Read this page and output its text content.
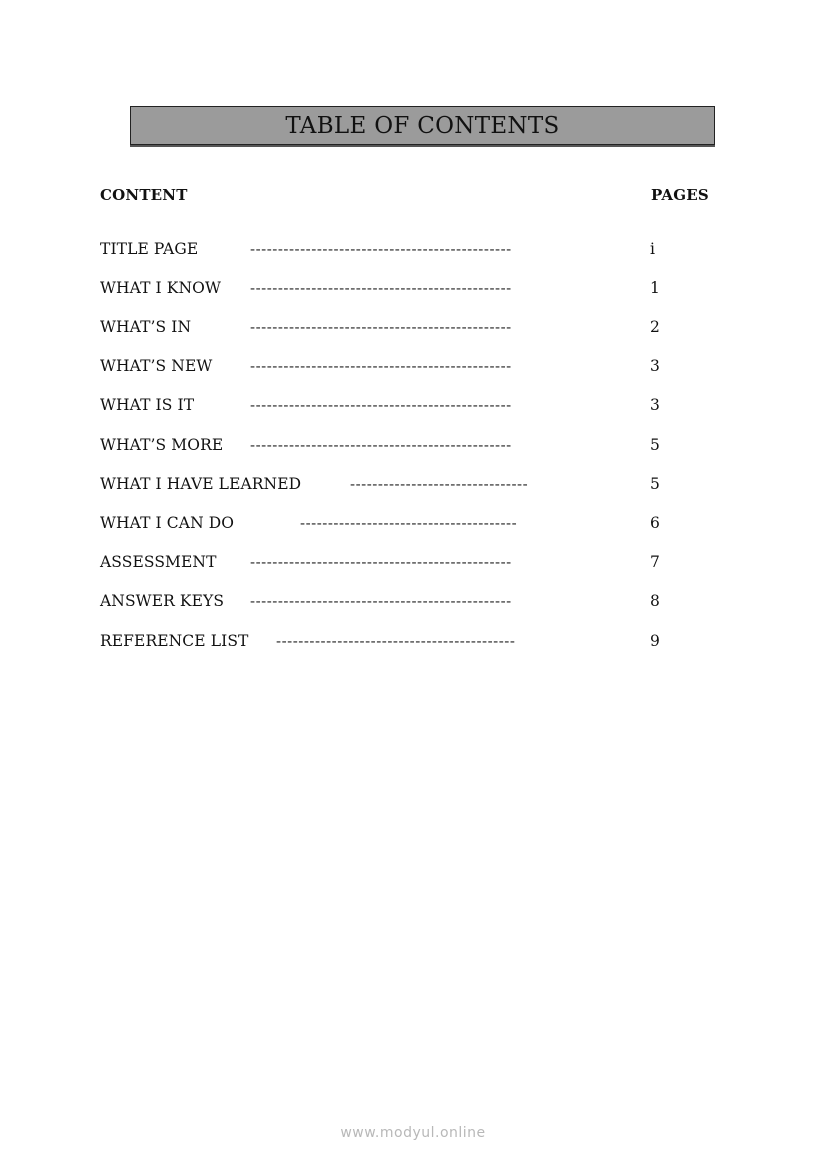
TABLE OF CONTENTS
CONTENT	PAGES
TITLE PAGE	-----------------------------------------------	i
WHAT I KNOW -----------------------------------------------	1
WHAT’S IN	-----------------------------------------------	2
WHAT’S NEW	-----------------------------------------------	3
WHAT IS IT	-----------------------------------------------	3
WHAT’S MORE -----------------------------------------------	5
WHAT I HAVE LEARNED	--------------------------------	5
WHAT I CAN DO	---------------------------------------	6
ASSESSMENT -----------------------------------------------	7
ANSWER KEYS -----------------------------------------------	8
REFERENCE LIST -------------------------------------------	9
www.modyul.online
